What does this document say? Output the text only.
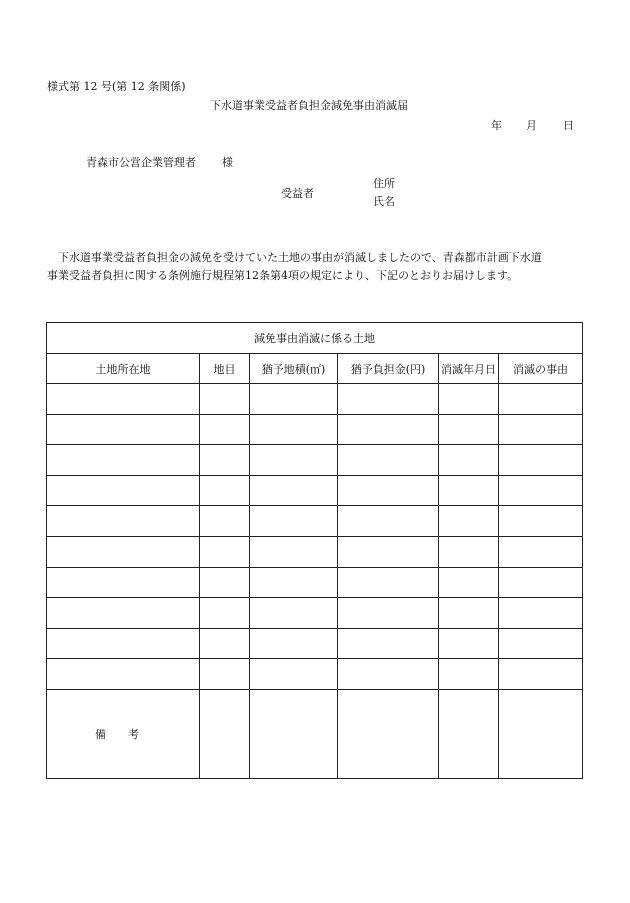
様式第 12 号(第 12 条関係)
下水道事業受益者負担金減免事由消滅届
年 月 日
青森市公営企業管理者 様
受益者
住所
氏名
下水道事業受益者負担金の減免を受けていた土地の事由が消滅しましたので、青森都市計画下水道
事業受益者負担に関する条例施行規程第12条第4項の規定により、下記のとおりお届けします。
減免事由消滅に係る土地					
土地所在地	地目	猶予地積(㎡)	猶予負担金(円)	消滅年月日	消滅の事由

備考					
